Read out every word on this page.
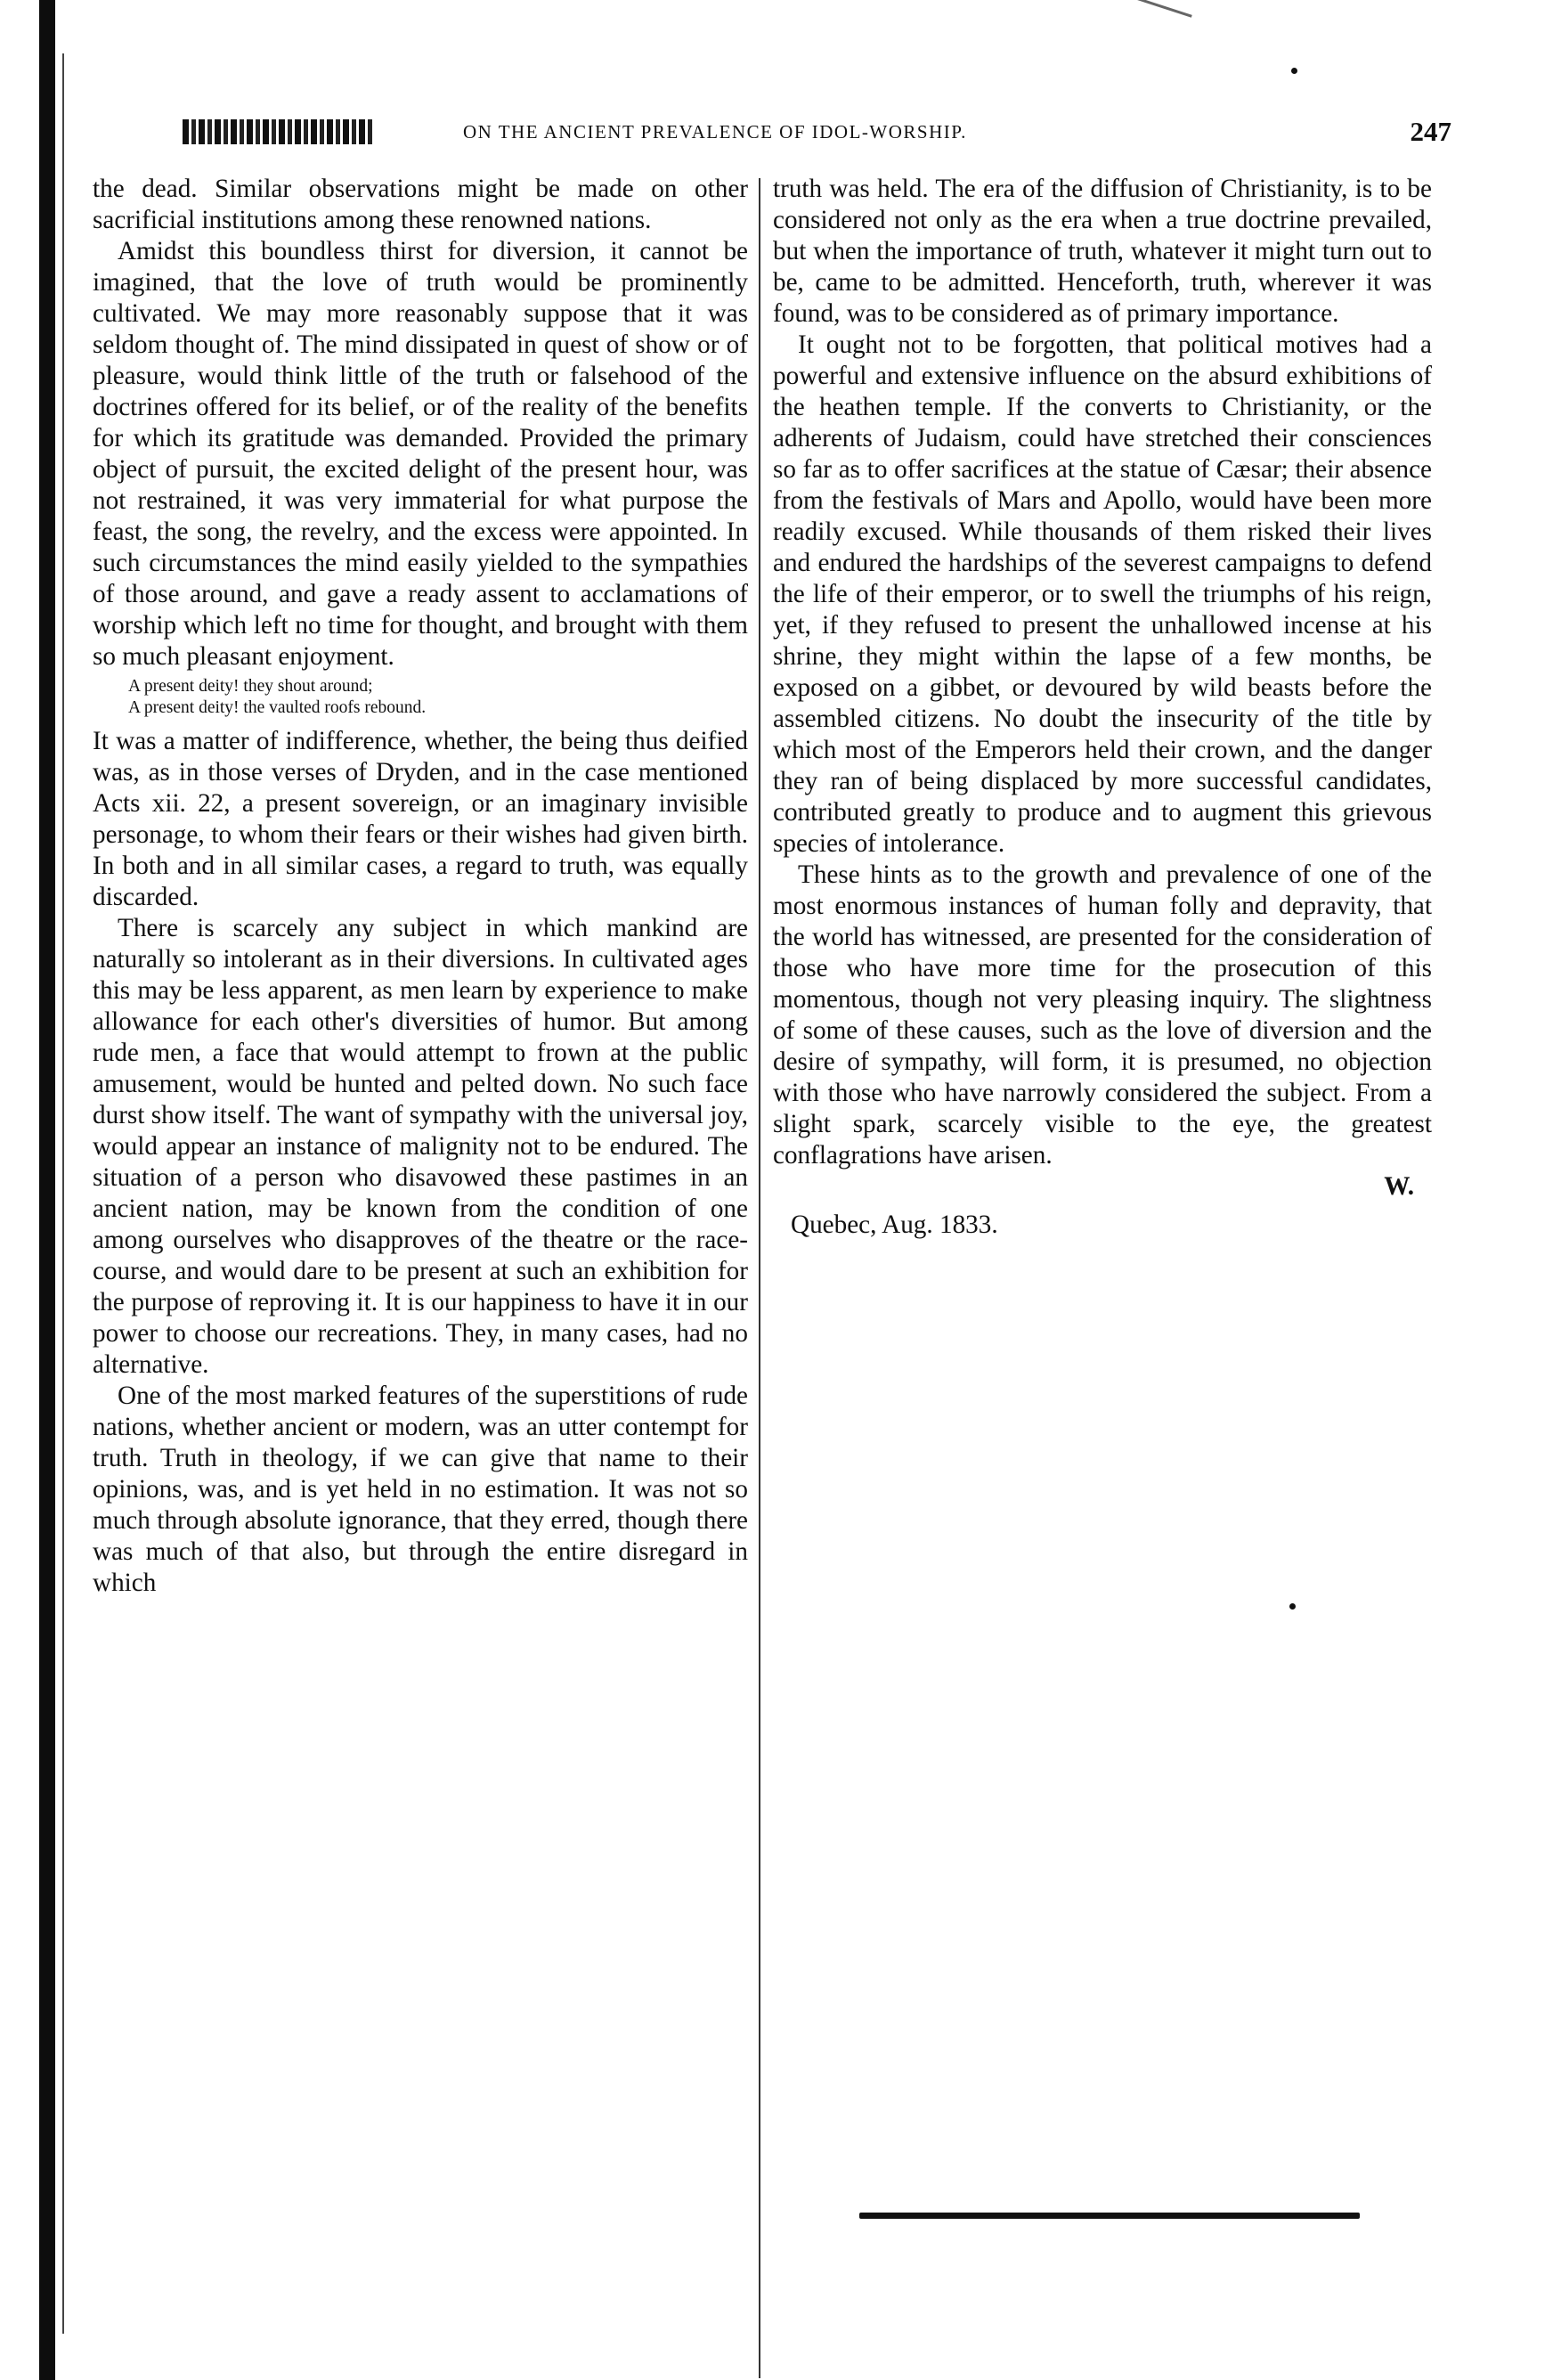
ON THE ANCIENT PREVALENCE OF IDOL-WORSHIP.	247

the dead. Similar observations might be made on other sacrificial institutions among these renowned nations.

Amidst this boundless thirst for diversion, it cannot be imagined, that the love of truth would be prominently cultivated. We may more reasonably suppose that it was seldom thought of. The mind dissipated in quest of show or of pleasure, would think little of the truth or falsehood of the doctrines offered for its belief, or of the reality of the benefits for which its gratitude was demanded. Provided the primary object of pursuit, the excited delight of the present hour, was not restrained, it was very immaterial for what purpose the feast, the song, the revelry, and the excess were appointed. In such circumstances the mind easily yielded to the sympathies of those around, and gave a ready assent to acclamations of worship which left no time for thought, and brought with them so much pleasant enjoyment.

A present deity! they shout around;
A present deity! the vaulted roofs rebound.

It was a matter of indifference, whether, the being thus deified was, as in those verses of Dryden, and in the case mentioned Acts xii. 22, a present sovereign, or an imaginary invisible personage, to whom their fears or their wishes had given birth. In both and in all similar cases, a regard to truth, was equally discarded.

There is scarcely any subject in which mankind are naturally so intolerant as in their diversions. In cultivated ages this may be less apparent, as men learn by experience to make allowance for each other's diversities of humor. But among rude men, a face that would attempt to frown at the public amusement, would be hunted and pelted down. No such face durst show itself. The want of sympathy with the universal joy, would appear an instance of malignity not to be endured. The situation of a person who disavowed these pastimes in an ancient nation, may be known from the condition of one among ourselves who disapproves of the theatre or the race-course, and would dare to be present at such an exhibition for the purpose of reproving it. It is our happiness to have it in our power to choose our recreations. They, in many cases, had no alternative.

One of the most marked features of the superstitions of rude nations, whether ancient or modern, was an utter contempt for truth. Truth in theology, if we can give that name to their opinions, was, and is yet held in no estimation. It was not so much through absolute ignorance, that they erred, though there was much of that also, but through the entire disregard in which

truth was held. The era of the diffusion of Christianity, is to be considered not only as the era when a true doctrine prevailed, but when the importance of truth, whatever it might turn out to be, came to be admitted. Henceforth, truth, wherever it was found, was to be considered as of primary importance.

It ought not to be forgotten, that political motives had a powerful and extensive influence on the absurd exhibitions of the heathen temple. If the converts to Christianity, or the adherents of Judaism, could have stretched their consciences so far as to offer sacrifices at the statue of Cæsar; their absence from the festivals of Mars and Apollo, would have been more readily excused. While thousands of them risked their lives and endured the hardships of the severest campaigns to defend the life of their emperor, or to swell the triumphs of his reign, yet, if they refused to present the unhallowed incense at his shrine, they might within the lapse of a few months, be exposed on a gibbet, or devoured by wild beasts before the assembled citizens. No doubt the insecurity of the title by which most of the Emperors held their crown, and the danger they ran of being displaced by more successful candidates, contributed greatly to produce and to augment this grievous species of intolerance.

These hints as to the growth and prevalence of one of the most enormous instances of human folly and depravity, that the world has witnessed, are presented for the consideration of those who have more time for the prosecution of this momentous, though not very pleasing inquiry. The slightness of some of these causes, such as the love of diversion and the desire of sympathy, will form, it is presumed, no objection with those who have narrowly considered the subject. From a slight spark, scarcely visible to the eye, the greatest conflagrations have arisen.

W.
Quebec, Aug. 1833.
